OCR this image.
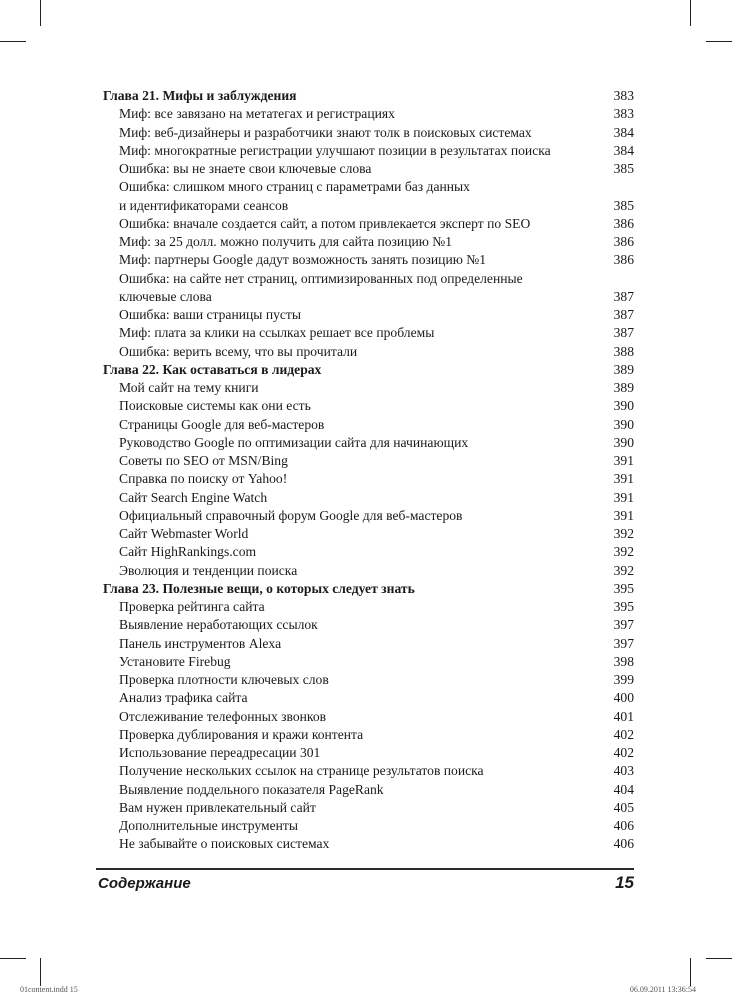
Глава 21. Мифы и заблуждения	383
Миф: все завязано на метатегах и регистрациях	383
Миф: веб-дизайнеры и разработчики знают толк в поисковых системах	384
Миф: многократные регистрации улучшают позиции в результатах поиска	384
Ошибка: вы не знаете свои ключевые слова	385
Ошибка: слишком много страниц с параметрами баз данных
и идентификаторами сеансов	385
Ошибка: вначале создается сайт, а потом привлекается эксперт по SEO	386
Миф: за 25 долл. можно получить для сайта позицию №1	386
Миф: партнеры Google дадут возможность занять позицию №1	386
Ошибка: на сайте нет страниц, оптимизированных под определенные
ключевые слова	387
Ошибка: ваши страницы пусты	387
Миф: плата за клики на ссылках решает все проблемы	387
Ошибка: верить всему, что вы прочитали	388
Глава 22. Как оставаться в лидерах	389
Мой сайт на тему книги	389
Поисковые системы как они есть	390
Страницы Google для веб-мастеров	390
Руководство Google по оптимизации сайта для начинающих	390
Советы по SEO от MSN/Bing	391
Справка по поиску от Yahoo!	391
Сайт Search Engine Watch	391
Официальный справочный форум Google для веб-мастеров	391
Сайт Webmaster World	392
Сайт HighRankings.com	392
Эволюция и тенденции поиска	392
Глава 23. Полезные вещи, о которых следует знать	395
Проверка рейтинга сайта	395
Выявление неработающих ссылок	397
Панель инструментов Alexa	397
Установите Firebug	398
Проверка плотности ключевых слов	399
Анализ трафика сайта	400
Отслеживание телефонных звонков	401
Проверка дублирования и кражи контента	402
Использование переадресации 301	402
Получение нескольких ссылок на странице результатов поиска	403
Выявление поддельного показателя PageRank	404
Вам нужен привлекательный сайт	405
Дополнительные инструменты	406
Не забывайте о поисковых системах	406
Содержание	15
01content.indd 15	06.09.2011 13:36:54
